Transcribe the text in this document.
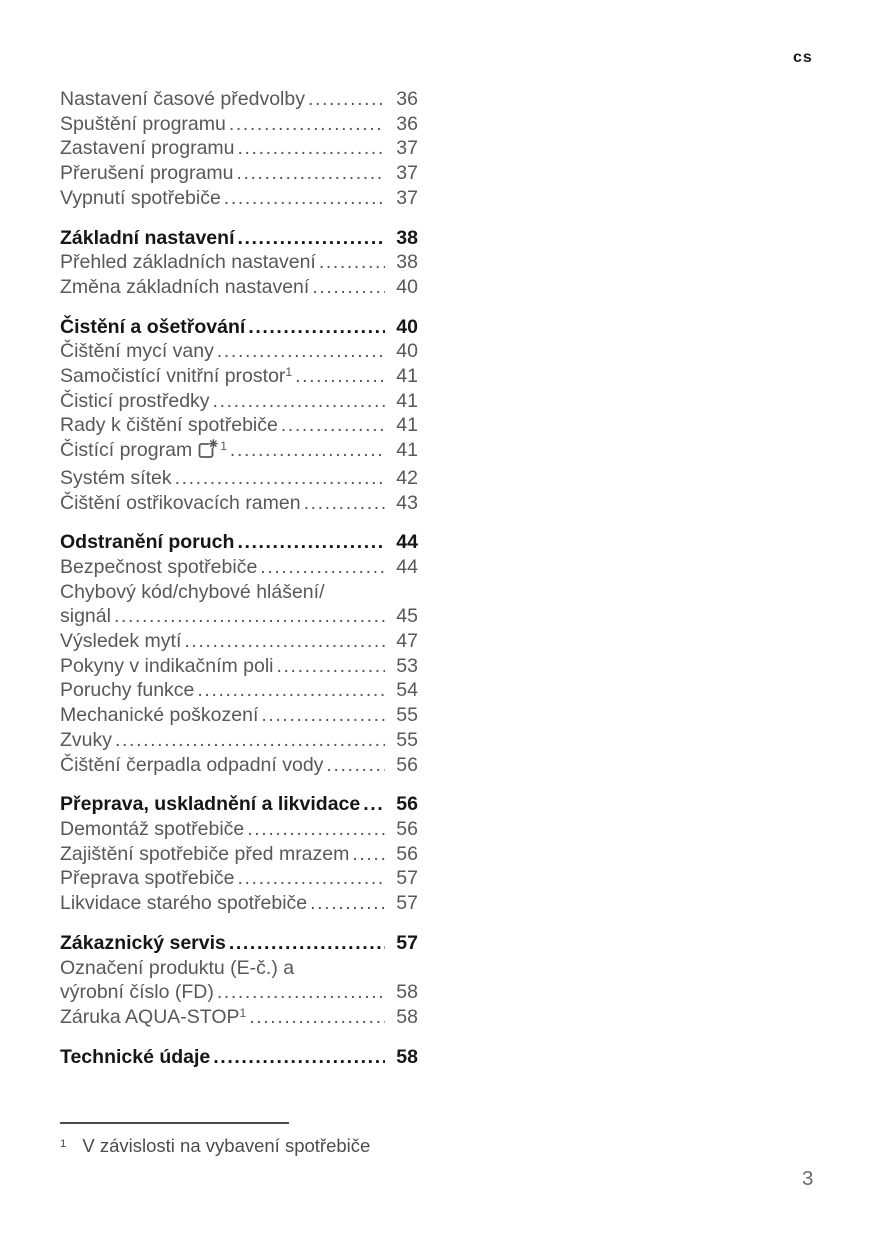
cs
Nastavení časové předvolby .....	36
Spuštění programu .....	36
Zastavení programu .....	37
Přerušení programu .....	37
Vypnutí spotřebiče .....	37
Základní nastavení .....	38
Přehled základních nastavení .....	38
Změna základních nastavení .....	40
Čistění a ošetřování .....	40
Čištění mycí vany .....	40
Samočistící vnitřní prostor$^1$ .....	41
Čisticí prostředky .....	41
Rady k čištění spotřebiče .....	41
Čistící program $^1$ .....	41
Systém sítek .....	42
Čištění ostřikovacích ramen .....	43
Odstranění poruch .....	44
Bezpečnost spotřebiče .....	44
Chybový kód/chybové hlášení/
signál .....	45
Výsledek mytí .....	47
Pokyny v indikačním poli .....	53
Poruchy funkce .....	54
Mechanické poškození .....	55
Zvuky .....	55
Čištění čerpadla odpadní vody .....	56
Přeprava, uskladnění a likvidace .....	56
Demontáž spotřebiče .....	56
Zajištění spotřebiče před mrazem .....	56
Přeprava spotřebiče .....	57
Likvidace starého spotřebiče .....	57
Zákaznický servis .....	57
Označení produktu (E-č.) a
výrobní číslo (FD) .....	58
Záruka AQUA-STOP$^1$ .....	58
Technické údaje .....	58
$^1$ V závislosti na vybavení spotřebiče
3
